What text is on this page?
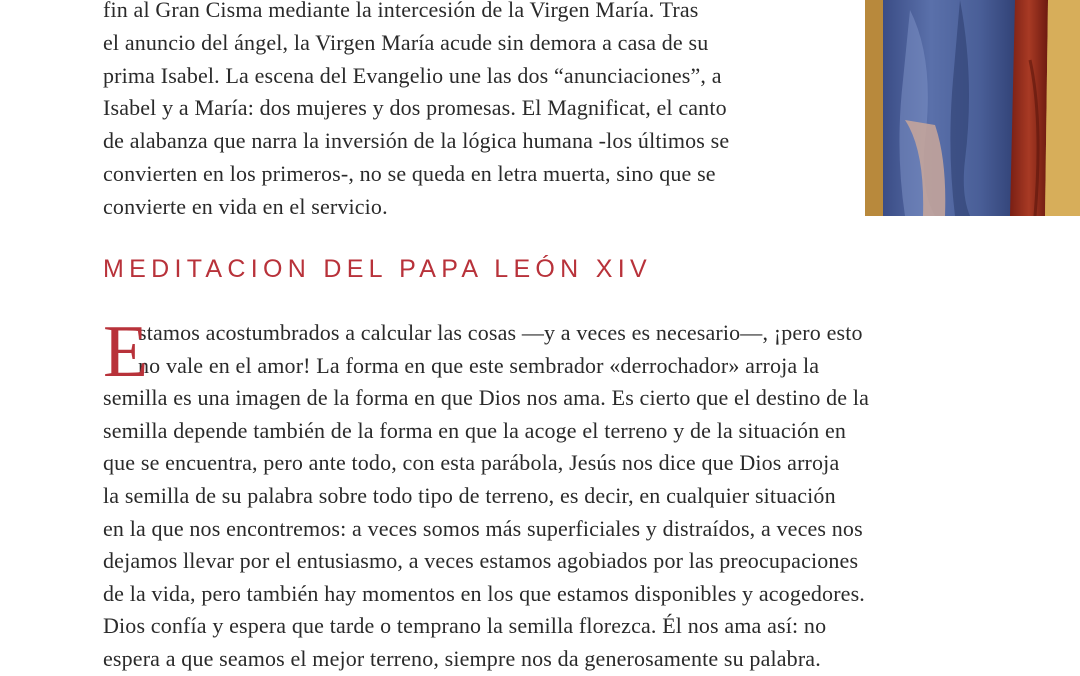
fin al Gran Cisma mediante la intercesión de la Virgen María. Tras
el anuncio del ángel, la Virgen María acude sin demora a casa de su
prima Isabel. La escena del Evangelio une las dos “anunciaciones”, a
Isabel y a María: dos mujeres y dos promesas. El Magnificat, el canto
de alabanza que narra la inversión de la lógica humana -los últimos se
convierten en los primeros-, no se queda en letra muerta, sino que se
convierte en vida en el servicio.
MEDITACION DEL PAPA LEÓN XIV
E
stamos acostumbrados a calcular las cosas —y a veces es necesario—, ¡pero esto
no vale en el amor! La forma en que este sembrador «derrochador» arroja la
semilla es una imagen de la forma en que Dios nos ama. Es cierto que el destino de la
semilla depende también de la forma en que la acoge el terreno y de la situación en
que se encuentra, pero ante todo, con esta parábola, Jesús nos dice que Dios arroja
la semilla de su palabra sobre todo tipo de terreno, es decir, en cualquier situación
en la que nos encontremos: a veces somos más superficiales y distraídos, a veces nos
dejamos llevar por el entusiasmo, a veces estamos agobiados por las preocupaciones
de la vida, pero también hay momentos en los que estamos disponibles y acogedores.
Dios confía y espera que tarde o temprano la semilla florezca. Él nos ama así: no
espera a que seamos el mejor terreno, siempre nos da generosamente su palabra.
